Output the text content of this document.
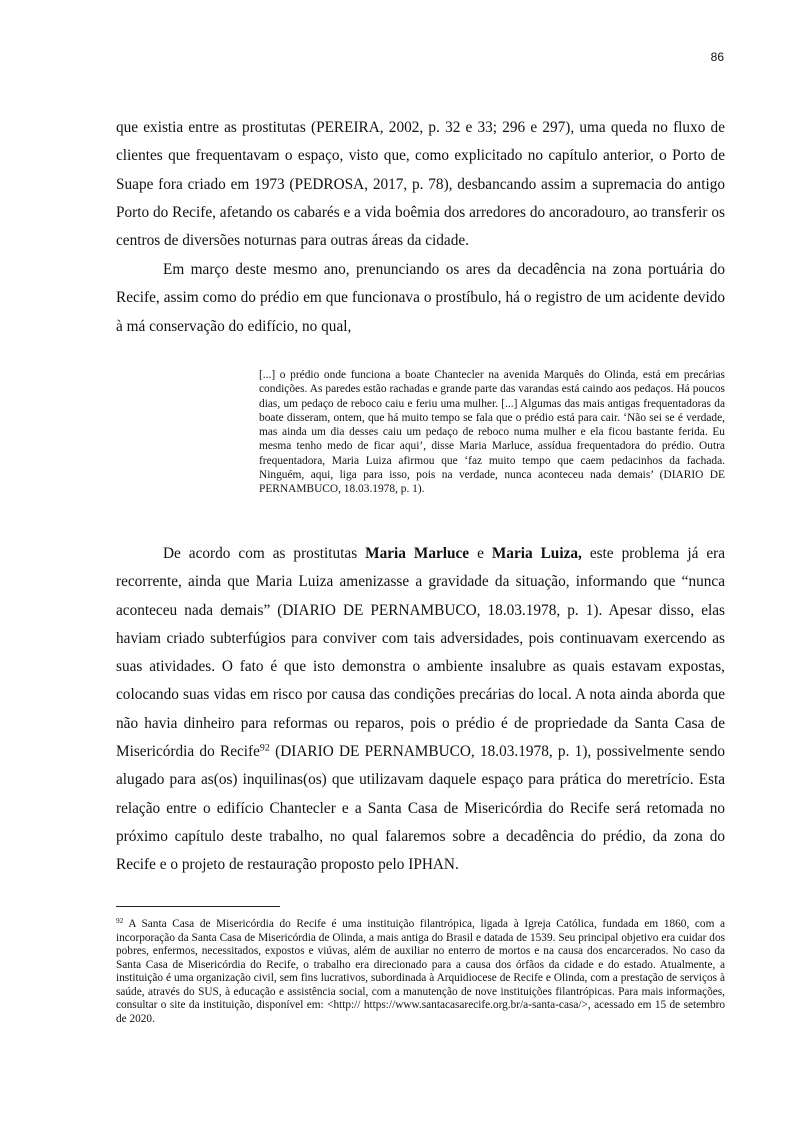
86

que existia entre as prostitutas (PEREIRA, 2002, p. 32 e 33; 296 e 297), uma queda no fluxo de clientes que frequentavam o espaço, visto que, como explicitado no capítulo anterior, o Porto de Suape fora criado em 1973 (PEDROSA, 2017, p. 78), desbancando assim a supremacia do antigo Porto do Recife, afetando os cabarés e a vida boêmia dos arredores do ancoradouro, ao transferir os centros de diversões noturnas para outras áreas da cidade.

Em março deste mesmo ano, prenunciando os ares da decadência na zona portuária do Recife, assim como do prédio em que funcionava o prostíbulo, há o registro de um acidente devido à má conservação do edifício, no qual,

[...] o prédio onde funciona a boate Chantecler na avenida Marquês do Olinda, está em precárias condições. As paredes estão rachadas e grande parte das varandas está caindo aos pedaços. Há poucos dias, um pedaço de reboco caiu e feriu uma mulher. [...] Algumas das mais antigas frequentadoras da boate disseram, ontem, que há muito tempo se fala que o prédio está para cair. ‘Não sei se é verdade, mas ainda um dia desses caiu um pedaço de reboco numa mulher e ela ficou bastante ferida. Eu mesma tenho medo de ficar aqui’, disse Maria Marluce, assídua frequentadora do prédio. Outra frequentadora, Maria Luiza afirmou que ‘faz muito tempo que caem pedacinhos da fachada. Ninguém, aqui, liga para isso, pois na verdade, nunca aconteceu nada demais’ (DIARIO DE PERNAMBUCO, 18.03.1978, p. 1).

De acordo com as prostitutas Maria Marluce e Maria Luiza, este problema já era recorrente, ainda que Maria Luiza amenizasse a gravidade da situação, informando que “nunca aconteceu nada demais” (DIARIO DE PERNAMBUCO, 18.03.1978, p. 1). Apesar disso, elas haviam criado subterfúgios para conviver com tais adversidades, pois continuavam exercendo as suas atividades. O fato é que isto demonstra o ambiente insalubre as quais estavam expostas, colocando suas vidas em risco por causa das condições precárias do local. A nota ainda aborda que não havia dinheiro para reformas ou reparos, pois o prédio é de propriedade da Santa Casa de Misericórdia do Recife$^{92}$ (DIARIO DE PERNAMBUCO, 18.03.1978, p. 1), possivelmente sendo alugado para as(os) inquilinas(os) que utilizavam daquele espaço para prática do meretrício. Esta relação entre o edifício Chantecler e a Santa Casa de Misericórdia do Recife será retomada no próximo capítulo deste trabalho, no qual falaremos sobre a decadência do prédio, da zona do Recife e o projeto de restauração proposto pelo IPHAN.

$^{92}$ A Santa Casa de Misericórdia do Recife é uma instituição filantrópica, ligada à Igreja Católica, fundada em 1860, com a incorporação da Santa Casa de Misericórdia de Olinda, a mais antiga do Brasil e datada de 1539. Seu principal objetivo era cuidar dos pobres, enfermos, necessitados, expostos e viúvas, além de auxiliar no enterro de mortos e na causa dos encarcerados. No caso da Santa Casa de Misericórdia do Recife, o trabalho era direcionado para a causa dos órfãos da cidade e do estado. Atualmente, a instituição é uma organização civil, sem fins lucrativos, subordinada à Arquidiocese de Recife e Olinda, com a prestação de serviços à saúde, através do SUS, à educação e assistência social, com a manutenção de nove instituições filantrópicas. Para mais informações, consultar o site da instituição, disponível em: <http:// https://www.santacasarecife.org.br/a-santa-casa/>, acessado em 15 de setembro de 2020.
